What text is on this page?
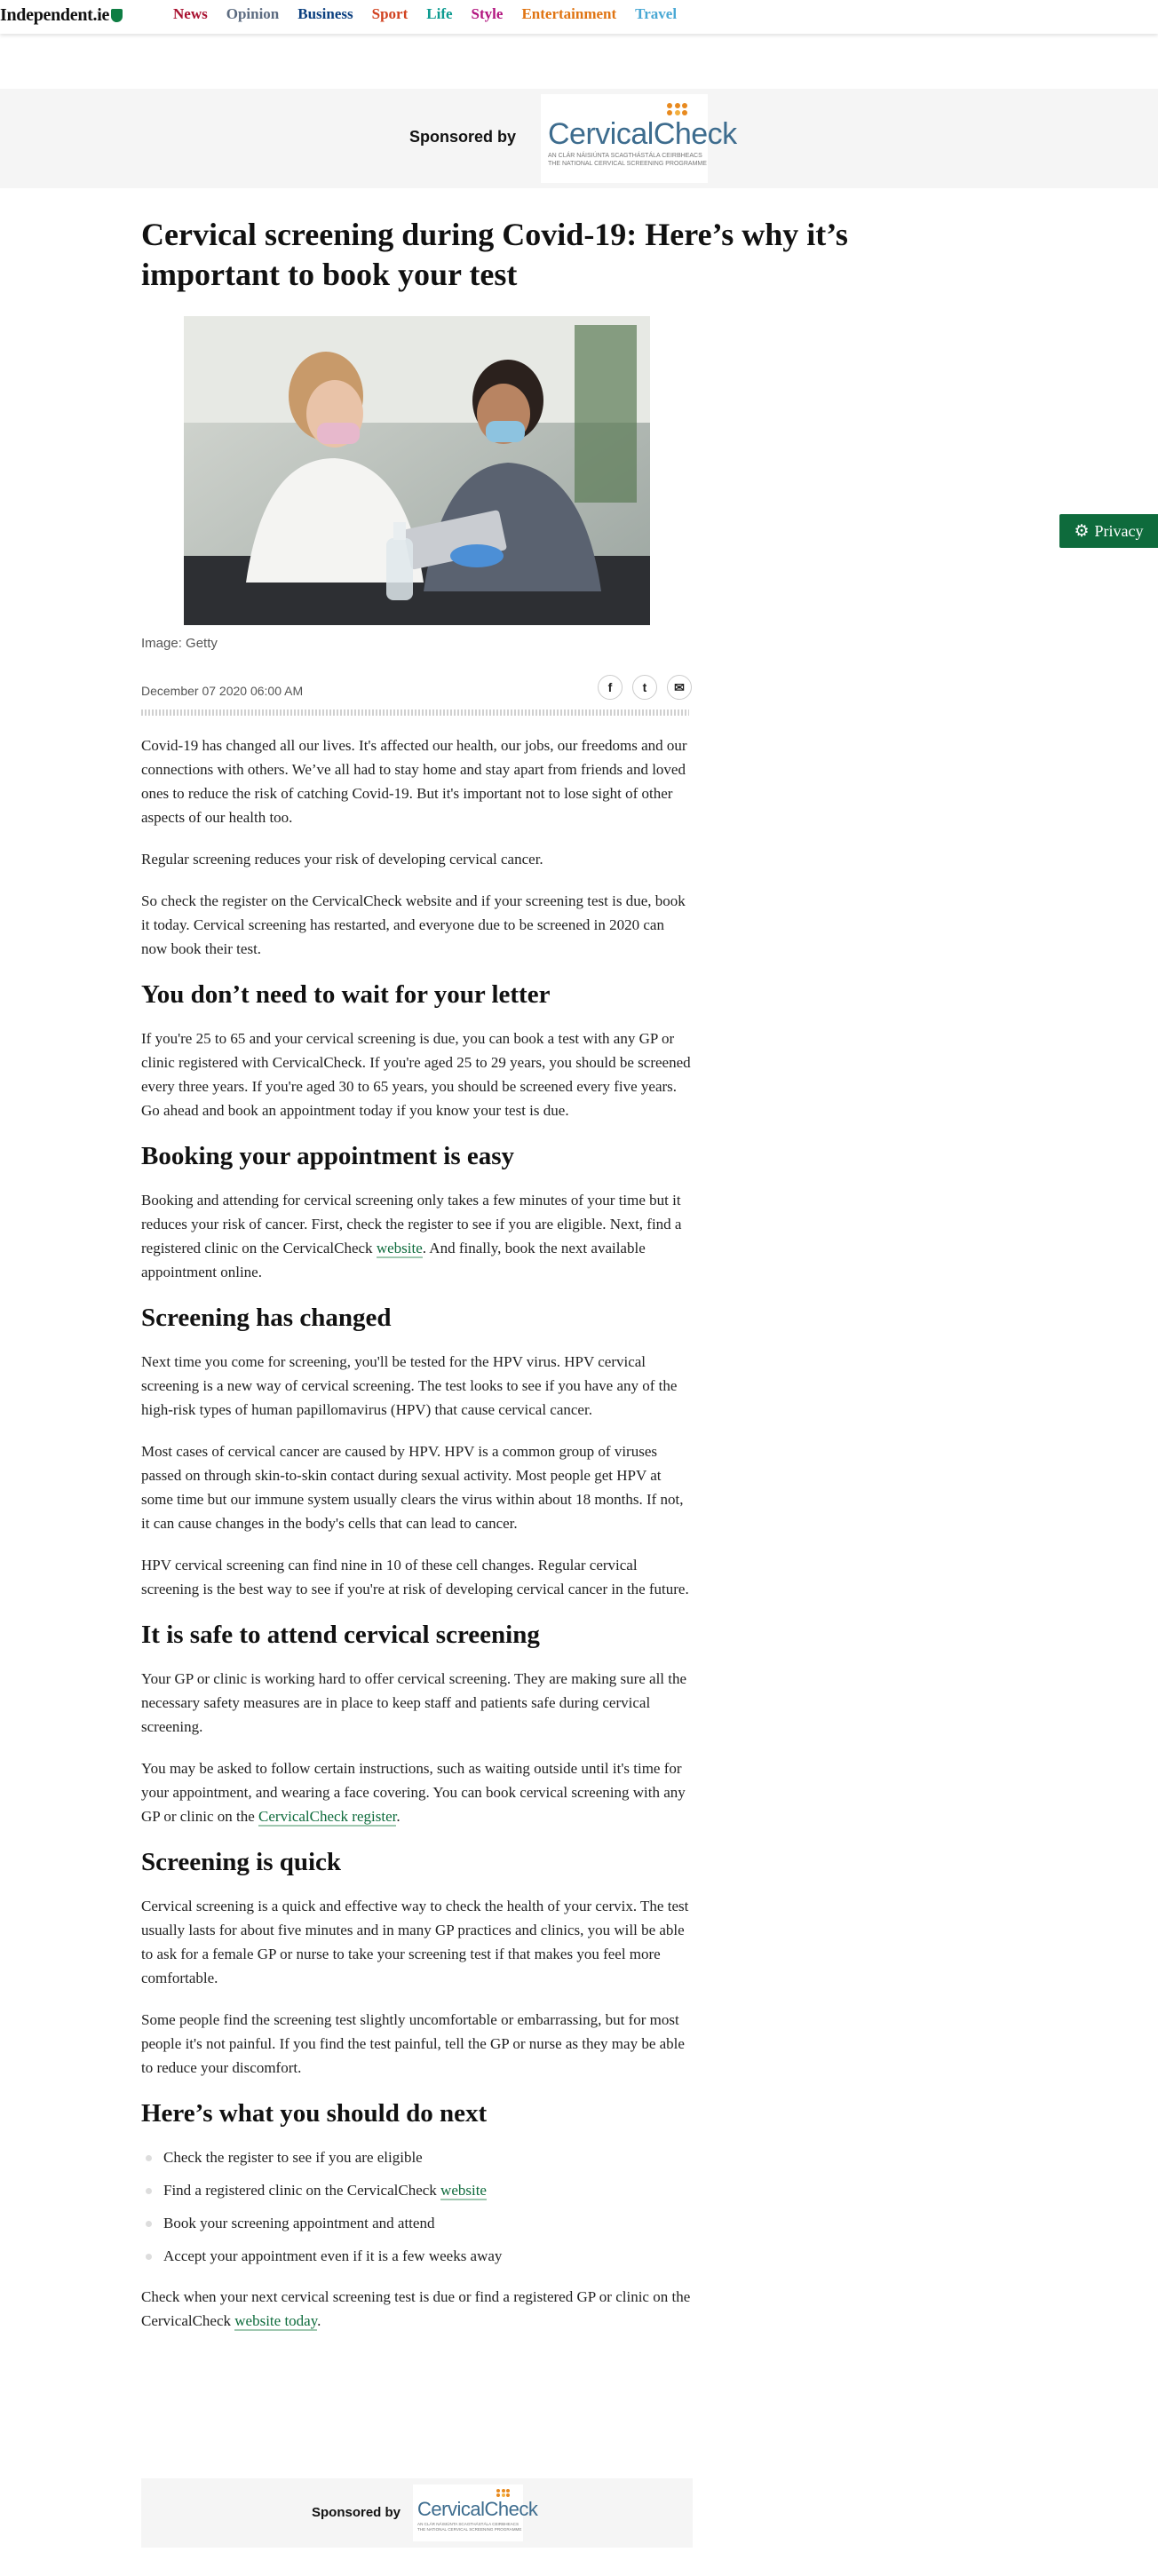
Independent.ie	News Opinion Business Sport Life Style Entertainment Travel
Sponsored by CervicalCheck
AN CLÁR NÁISIÚNTA SCAGTHÁSTÁLA CEIRBHEACS
THE NATIONAL CERVICAL SCREENING PROGRAMME
Cervical screening during Covid-19: Here’s why it’s important to book your test
Image: Getty
December 07 2020 06:00 AM	f t ✉

Covid-19 has changed all our lives. It's affected our health, our jobs, our freedoms and our connections with others. We’ve all had to stay home and stay apart from friends and loved ones to reduce the risk of catching Covid-19. But it's important not to lose sight of other aspects of our health too.

Regular screening reduces your risk of developing cervical cancer.

So check the register on the CervicalCheck website and if your screening test is due, book it today. Cervical screening has restarted, and everyone due to be screened in 2020 can now book their test.

You don’t need to wait for your letter

If you're 25 to 65 and your cervical screening is due, you can book a test with any GP or clinic registered with CervicalCheck. If you're aged 25 to 29 years, you should be screened every three years. If you're aged 30 to 65 years, you should be screened every five years. Go ahead and book an appointment today if you know your test is due.

Booking your appointment is easy

Booking and attending for cervical screening only takes a few minutes of your time but it reduces your risk of cancer. First, check the register to see if you are eligible. Next, find a registered clinic on the CervicalCheck website. And finally, book the next available appointment online.

Screening has changed

Next time you come for screening, you'll be tested for the HPV virus. HPV cervical screening is a new way of cervical screening. The test looks to see if you have any of the high-risk types of human papillomavirus (HPV) that cause cervical cancer.

Most cases of cervical cancer are caused by HPV. HPV is a common group of viruses passed on through skin-to-skin contact during sexual activity. Most people get HPV at some time but our immune system usually clears the virus within about 18 months. If not, it can cause changes in the body's cells that can lead to cancer.

HPV cervical screening can find nine in 10 of these cell changes. Regular cervical screening is the best way to see if you're at risk of developing cervical cancer in the future.

It is safe to attend cervical screening

Your GP or clinic is working hard to offer cervical screening. They are making sure all the necessary safety measures are in place to keep staff and patients safe during cervical screening.

You may be asked to follow certain instructions, such as waiting outside until it's time for your appointment, and wearing a face covering. You can book cervical screening with any GP or clinic on the CervicalCheck register.

Screening is quick

Cervical screening is a quick and effective way to check the health of your cervix. The test usually lasts for about five minutes and in many GP practices and clinics, you will be able to ask for a female GP or nurse to take your screening test if that makes you feel more comfortable.

Some people find the screening test slightly uncomfortable or embarrassing, but for most people it's not painful. If you find the test painful, tell the GP or nurse as they may be able to reduce your discomfort.

Here’s what you should do next
Check the register to see if you are eligible
Find a registered clinic on the CervicalCheck website
Book your screening appointment and attend
Accept your appointment even if it is a few weeks away

Check when your next cervical screening test is due or find a registered GP or clinic on the CervicalCheck website today.

Sponsored by CervicalCheck
AN CLÁR NÁISIÚNTA SCAGTHÁSTÁLA CEIRBHEACS
THE NATIONAL CERVICAL SCREENING PROGRAMME
⚙ Privacy
